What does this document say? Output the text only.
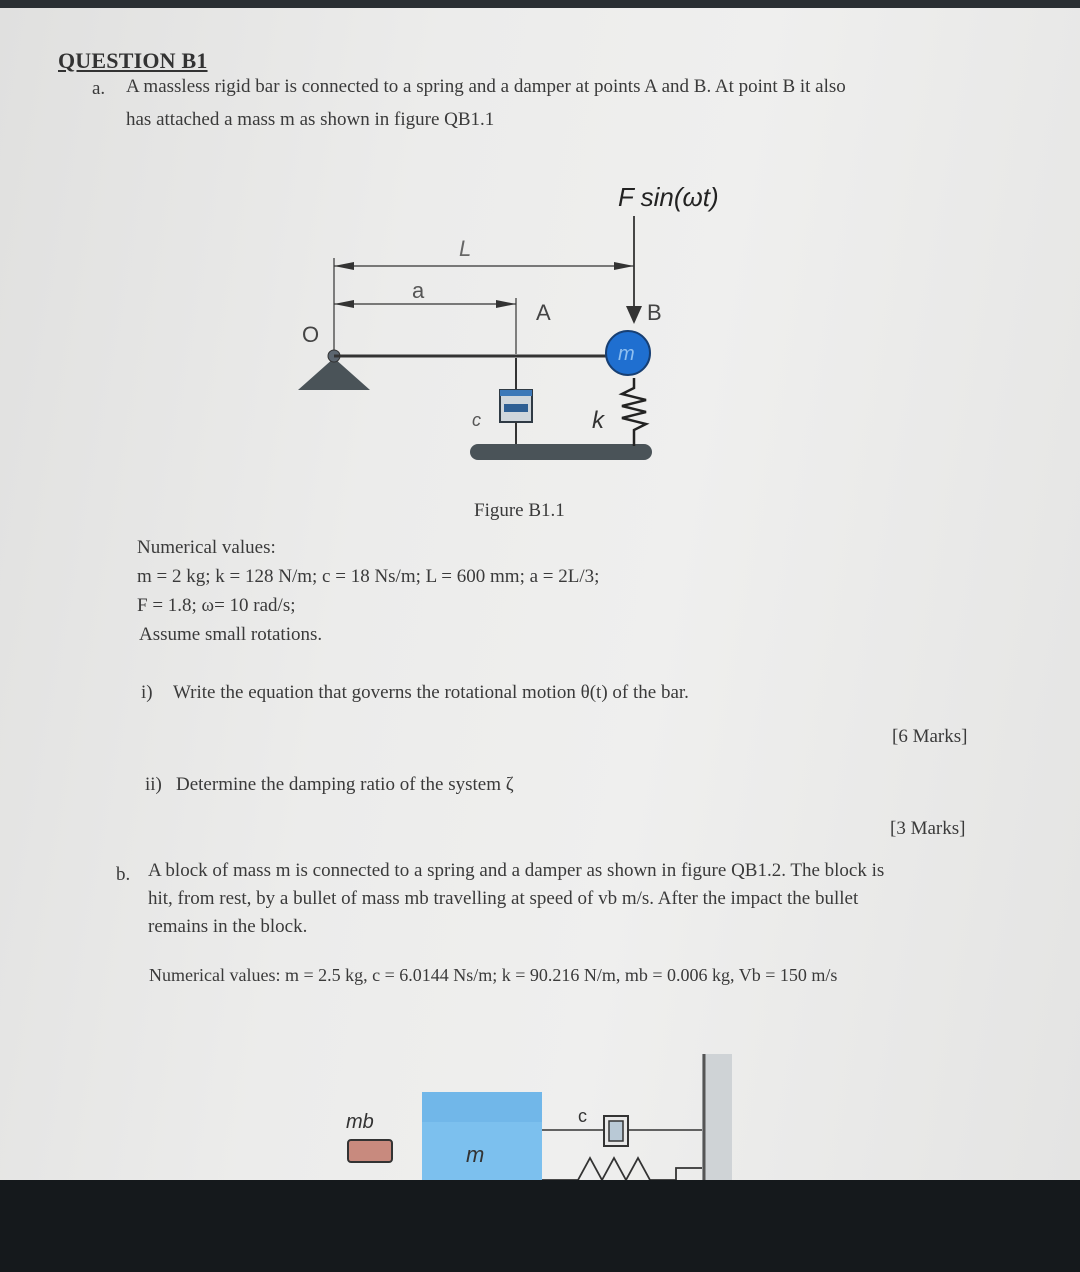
QUESTION B1
a. A massless rigid bar is connected to a spring and a damper at points A and B. At point B it also
has attached a mass m as shown in figure QB1.1
F sin(ωt)
L
a
A	B
O
m
c	k
Figure B1.1
Numerical values:
m = 2 kg; k = 128 N/m; c = 18 Ns/m; L = 600 mm; a = 2L/3;
F = 1.8; ω= 10 rad/s;
Assume small rotations.
i) Write the equation that governs the rotational motion θ(t) of the bar.
[6 Marks]
ii) Determine the damping ratio of the system ζ
[3 Marks]
b. A block of mass m is connected to a spring and a damper as shown in figure QB1.2. The block is
hit, from rest, by a bullet of mass mb travelling at speed of vb m/s. After the impact the bullet
remains in the block.
Numerical values: m = 2.5 kg, c = 6.0144 Ns/m; k = 90.216 N/m, mb = 0.006 kg, Vb = 150 m/s
mb
m
c
